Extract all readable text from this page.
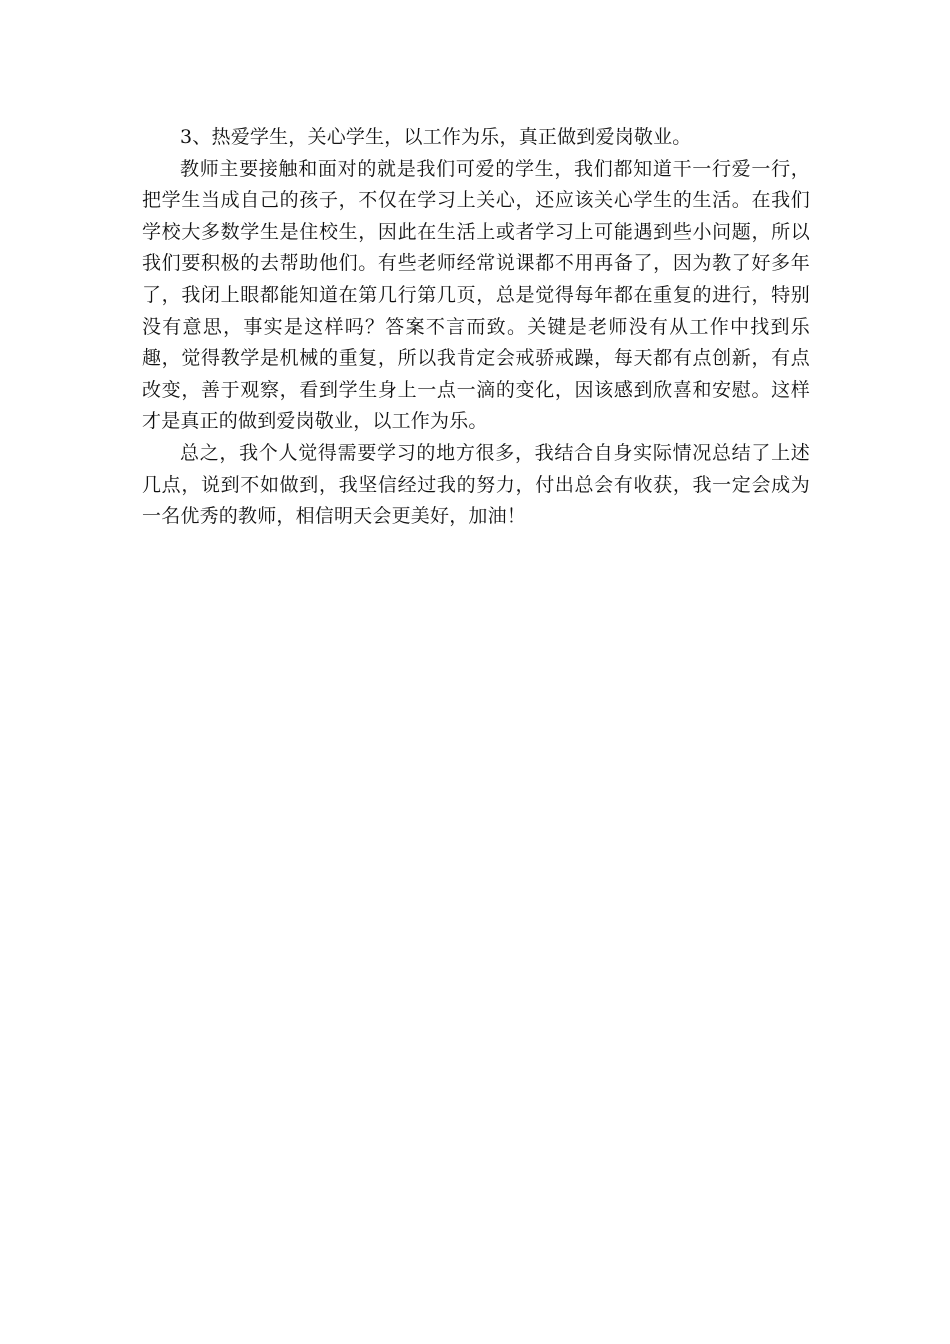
3、热爱学生，关心学生，以工作为乐，真正做到爱岗敬业。

教师主要接触和面对的就是我们可爱的学生，我们都知道干一行爱一行，把学生当成自己的孩子，不仅在学习上关心，还应该关心学生的生活。在我们学校大多数学生是住校生，因此在生活上或者学习上可能遇到些小问题，所以我们要积极的去帮助他们。有些老师经常说课都不用再备了，因为教了好多年了，我闭上眼都能知道在第几行第几页，总是觉得每年都在重复的进行，特别没有意思，事实是这样吗？答案不言而致。关键是老师没有从工作中找到乐趣，觉得教学是机械的重复，所以我肯定会戒骄戒躁，每天都有点创新，有点改变，善于观察，看到学生身上一点一滴的变化，因该感到欣喜和安慰。这样才是真正的做到爱岗敬业，以工作为乐。

总之，我个人觉得需要学习的地方很多，我结合自身实际情况总结了上述几点，说到不如做到，我坚信经过我的努力，付出总会有收获，我一定会成为一名优秀的教师，相信明天会更美好，加油！
